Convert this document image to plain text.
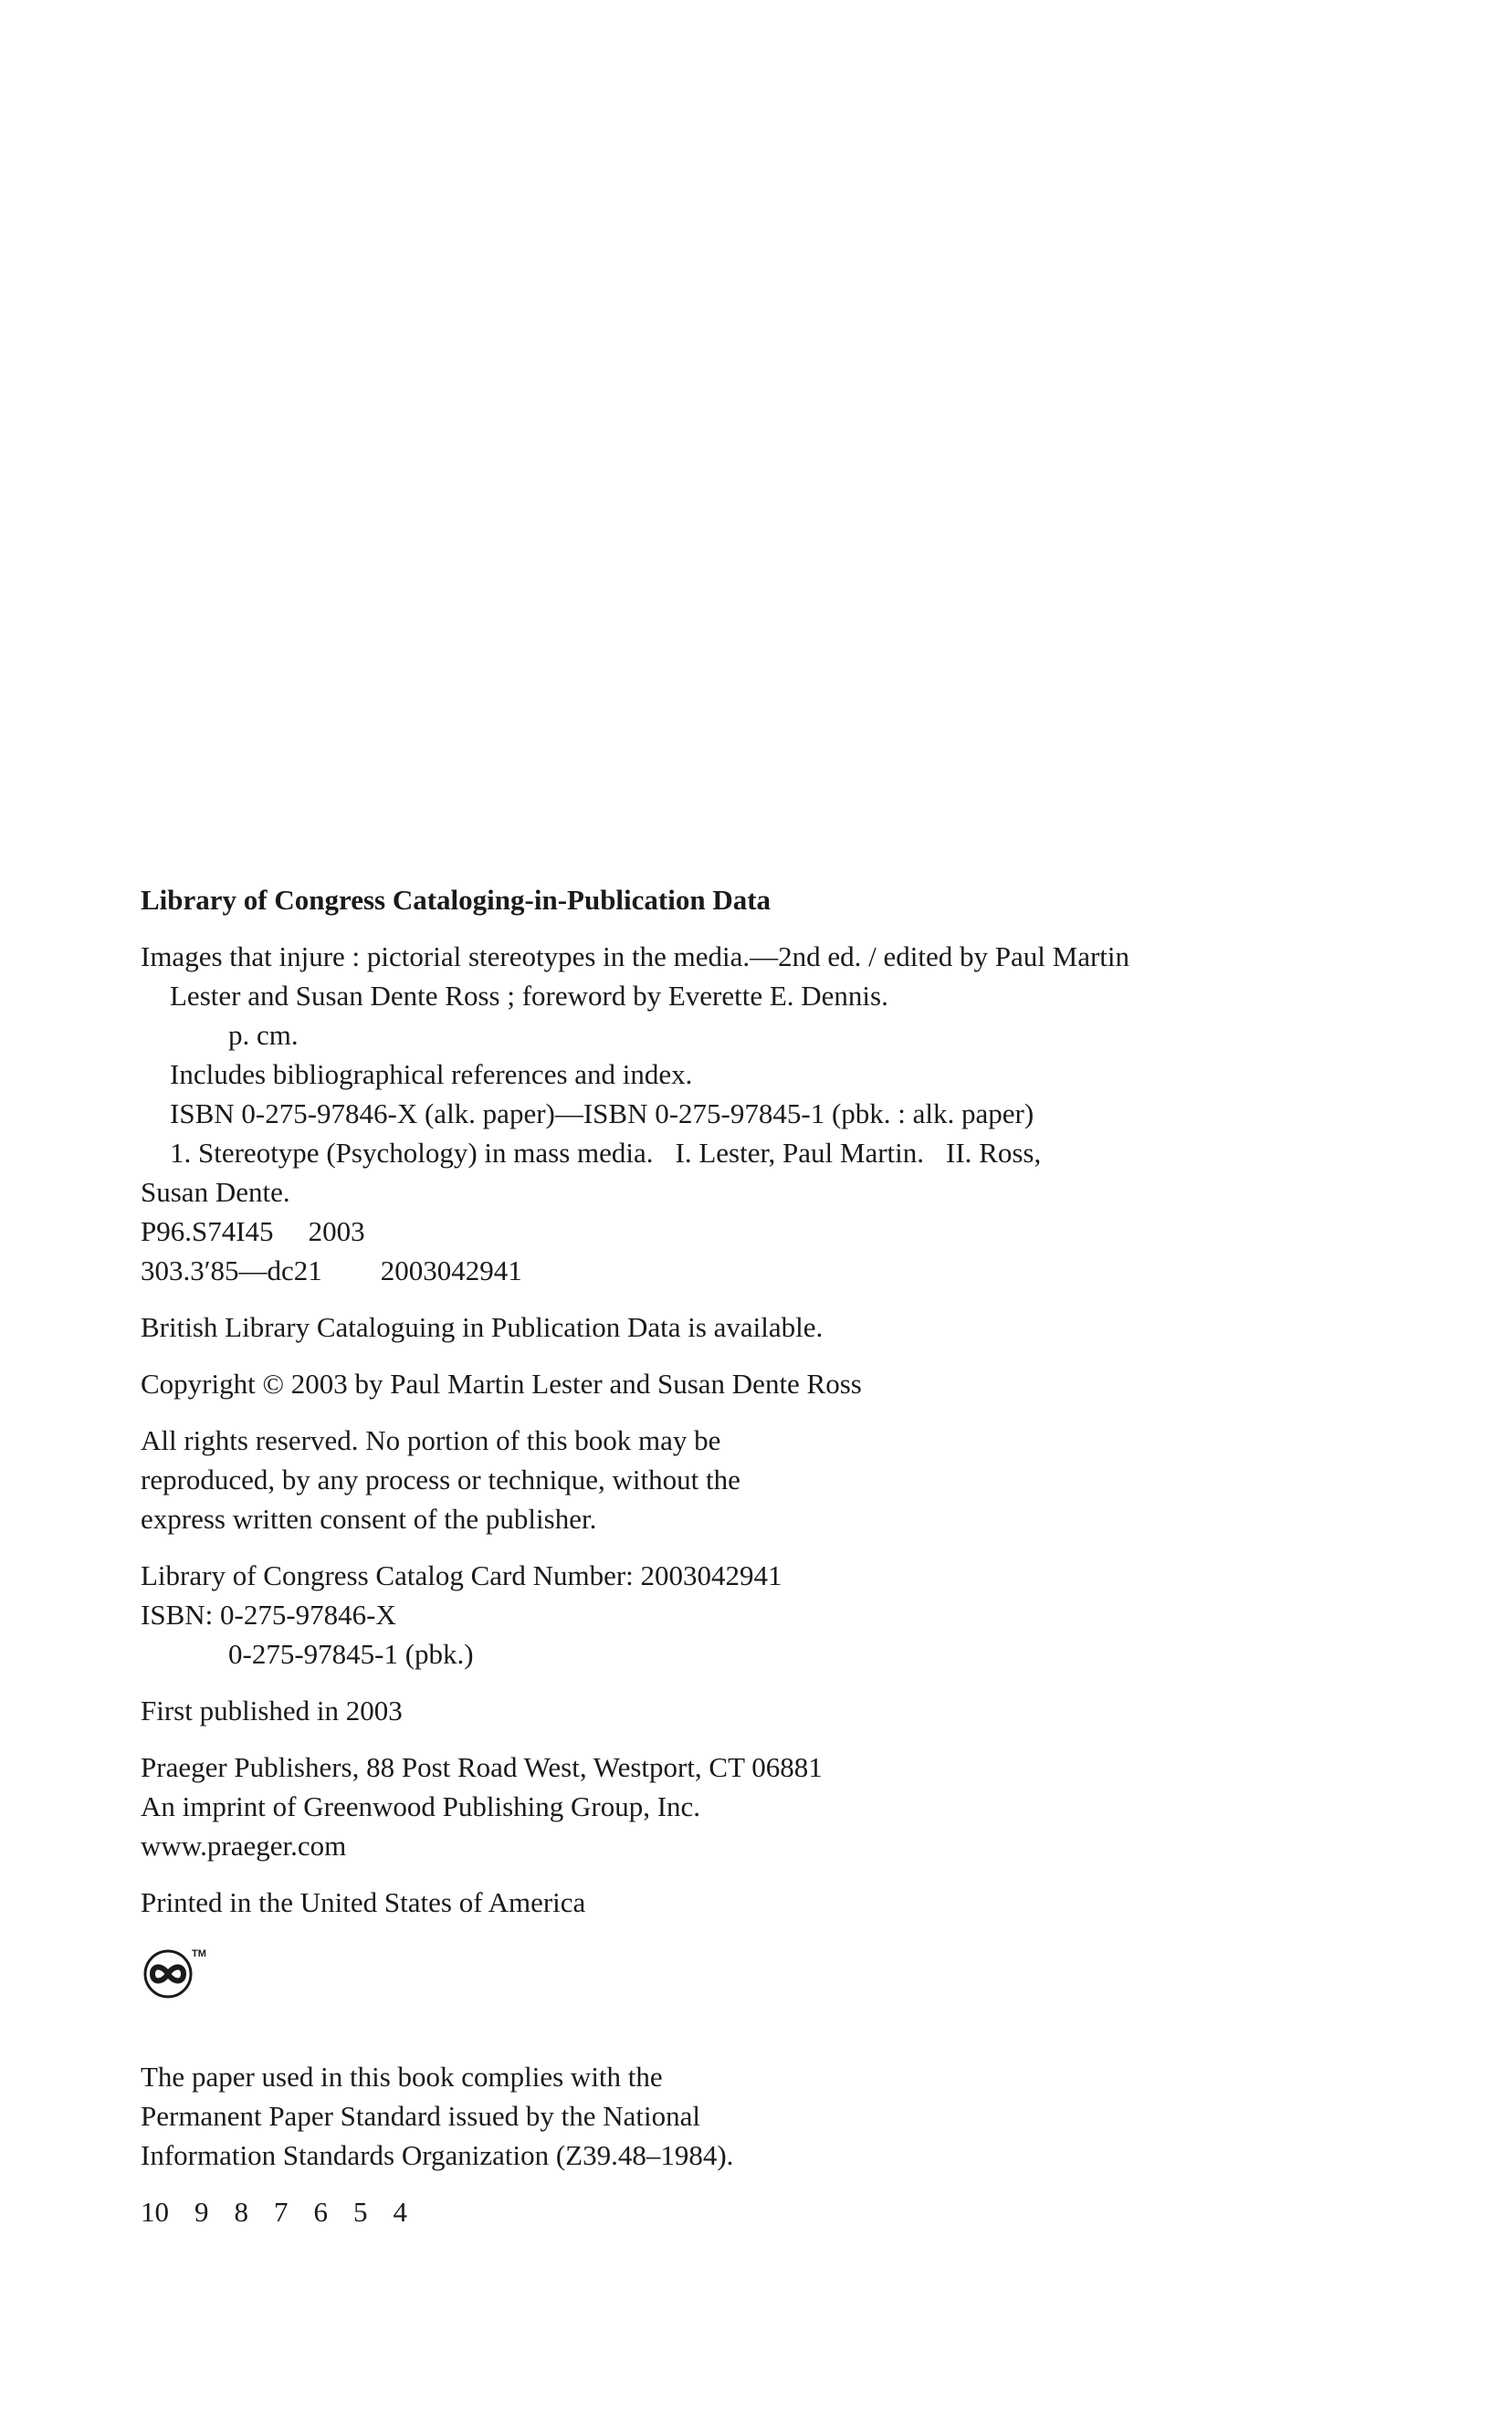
Library of Congress Cataloging-in-Publication Data
Images that injure : pictorial stereotypes in the media.—2nd ed. / edited by Paul Martin
Lester and Susan Dente Ross ; foreword by Everette E. Dennis.
p. cm.
Includes bibliographical references and index.
ISBN 0-275-97846-X (alk. paper)—ISBN 0-275-97845-1 (pbk. : alk. paper)
1. Stereotype (Psychology) in mass media. I. Lester, Paul Martin. II. Ross,
Susan Dente.
P96.S74I45 2003
303.3′85—dc21 2003042941
British Library Cataloguing in Publication Data is available.
Copyright © 2003 by Paul Martin Lester and Susan Dente Ross
All rights reserved. No portion of this book may be
reproduced, by any process or technique, without the
express written consent of the publisher.
Library of Congress Catalog Card Number: 2003042941
ISBN: 0-275-97846-X
0-275-97845-1 (pbk.)
First published in 2003
Praeger Publishers, 88 Post Road West, Westport, CT 06881
An imprint of Greenwood Publishing Group, Inc.
www.praeger.com
Printed in the United States of America
TM
The paper used in this book complies with the
Permanent Paper Standard issued by the National
Information Standards Organization (Z39.48–1984).
10 9 8 7 6 5 4
